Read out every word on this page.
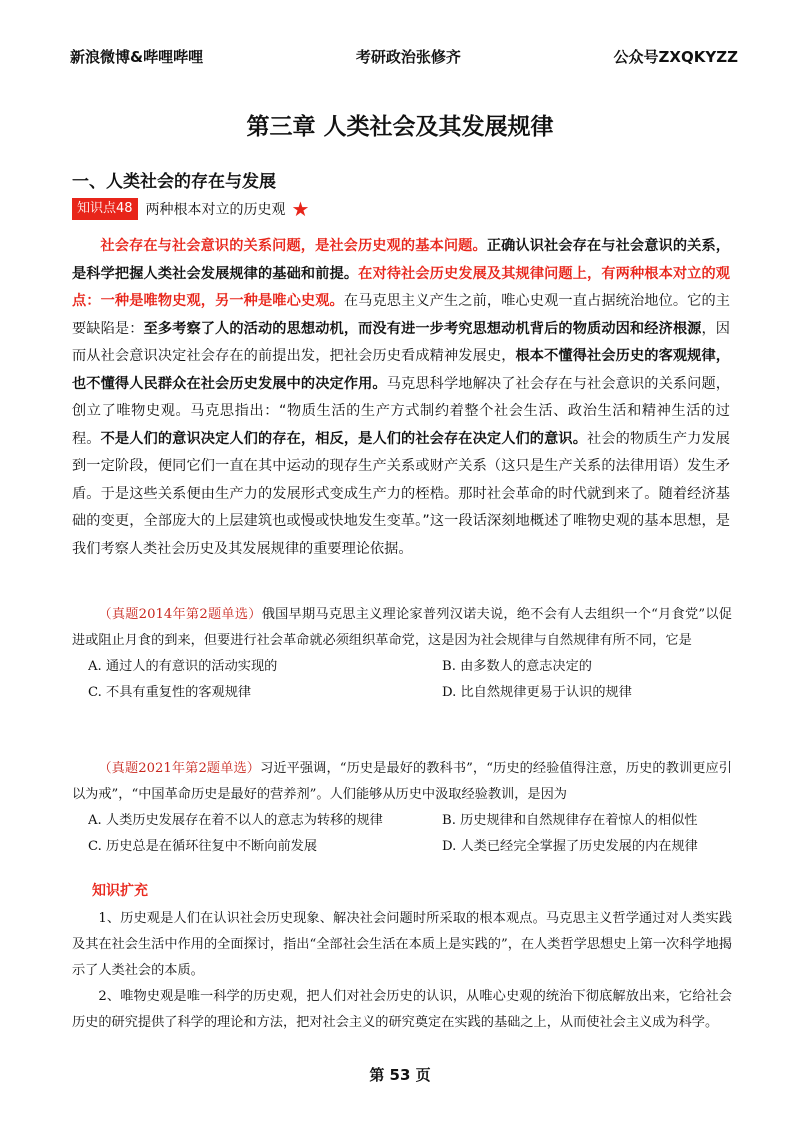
新浪微博&哔哩哔哩	考研政治张修齐	公众号ZXQKYZZ
第三章 人类社会及其发展规律
一、人类社会的存在与发展
知识点48 两种根本对立的历史观 ★
社会存在与社会意识的关系问题，是社会历史观的基本问题。正确认识社会存在与社会意识的关系，是科学把握人类社会发展规律的基础和前提。在对待社会历史发展及其规律问题上，有两种根本对立的观点：一种是唯物史观，另一种是唯心史观。在马克思主义产生之前，唯心史观一直占据统治地位。它的主要缺陷是：至多考察了人的活动的思想动机，而没有进一步考究思想动机背后的物质动因和经济根源，因而从社会意识决定社会存在的前提出发，把社会历史看成精神发展史，根本不懂得社会历史的客观规律，也不懂得人民群众在社会历史发展中的决定作用。马克思科学地解决了社会存在与社会意识的关系问题，创立了唯物史观。马克思指出：“物质生活的生产方式制约着整个社会生活、政治生活和精神生活的过程。不是人们的意识决定人们的存在，相反，是人们的社会存在决定人们的意识。社会的物质生产力发展到一定阶段，便同它们一直在其中运动的现存生产关系或财产关系（这只是生产关系的法律用语）发生矛盾。于是这些关系便由生产力的发展形式变成生产力的桎梏。那时社会革命的时代就到来了。随着经济基础的变更，全部庞大的上层建筑也或慢或快地发生变革。”这一段话深刻地概述了唯物史观的基本思想，是我们考察人类社会历史及其发展规律的重要理论依据。
（真题2014年第2题单选）俄国早期马克思主义理论家普列汉诺夫说，绝不会有人去组织一个“月食党”以促进或阻止月食的到来，但要进行社会革命就必须组织革命党，这是因为社会规律与自然规律有所不同，它是
A. 通过人的有意识的活动实现的	B. 由多数人的意志决定的
C. 不具有重复性的客观规律	D. 比自然规律更易于认识的规律
（真题2021年第2题单选）习近平强调，“历史是最好的教科书”，“历史的经验值得注意，历史的教训更应引以为戒”，“中国革命历史是最好的营养剂”。人们能够从历史中汲取经验教训，是因为
A. 人类历史发展存在着不以人的意志为转移的规律	B. 历史规律和自然规律存在着惊人的相似性
C. 历史总是在循环往复中不断向前发展	D. 人类已经完全掌握了历史发展的内在规律
知识扩充
1、历史观是人们在认识社会历史现象、解决社会问题时所采取的根本观点。马克思主义哲学通过对人类实践及其在社会生活中作用的全面探讨，指出“全部社会生活在本质上是实践的”，在人类哲学思想史上第一次科学地揭示了人类社会的本质。
2、唯物史观是唯一科学的历史观，把人们对社会历史的认识，从唯心史观的统治下彻底解放出来，它给社会历史的研究提供了科学的理论和方法，把对社会主义的研究奠定在实践的基础之上，从而使社会主义成为科学。
第 53 页
